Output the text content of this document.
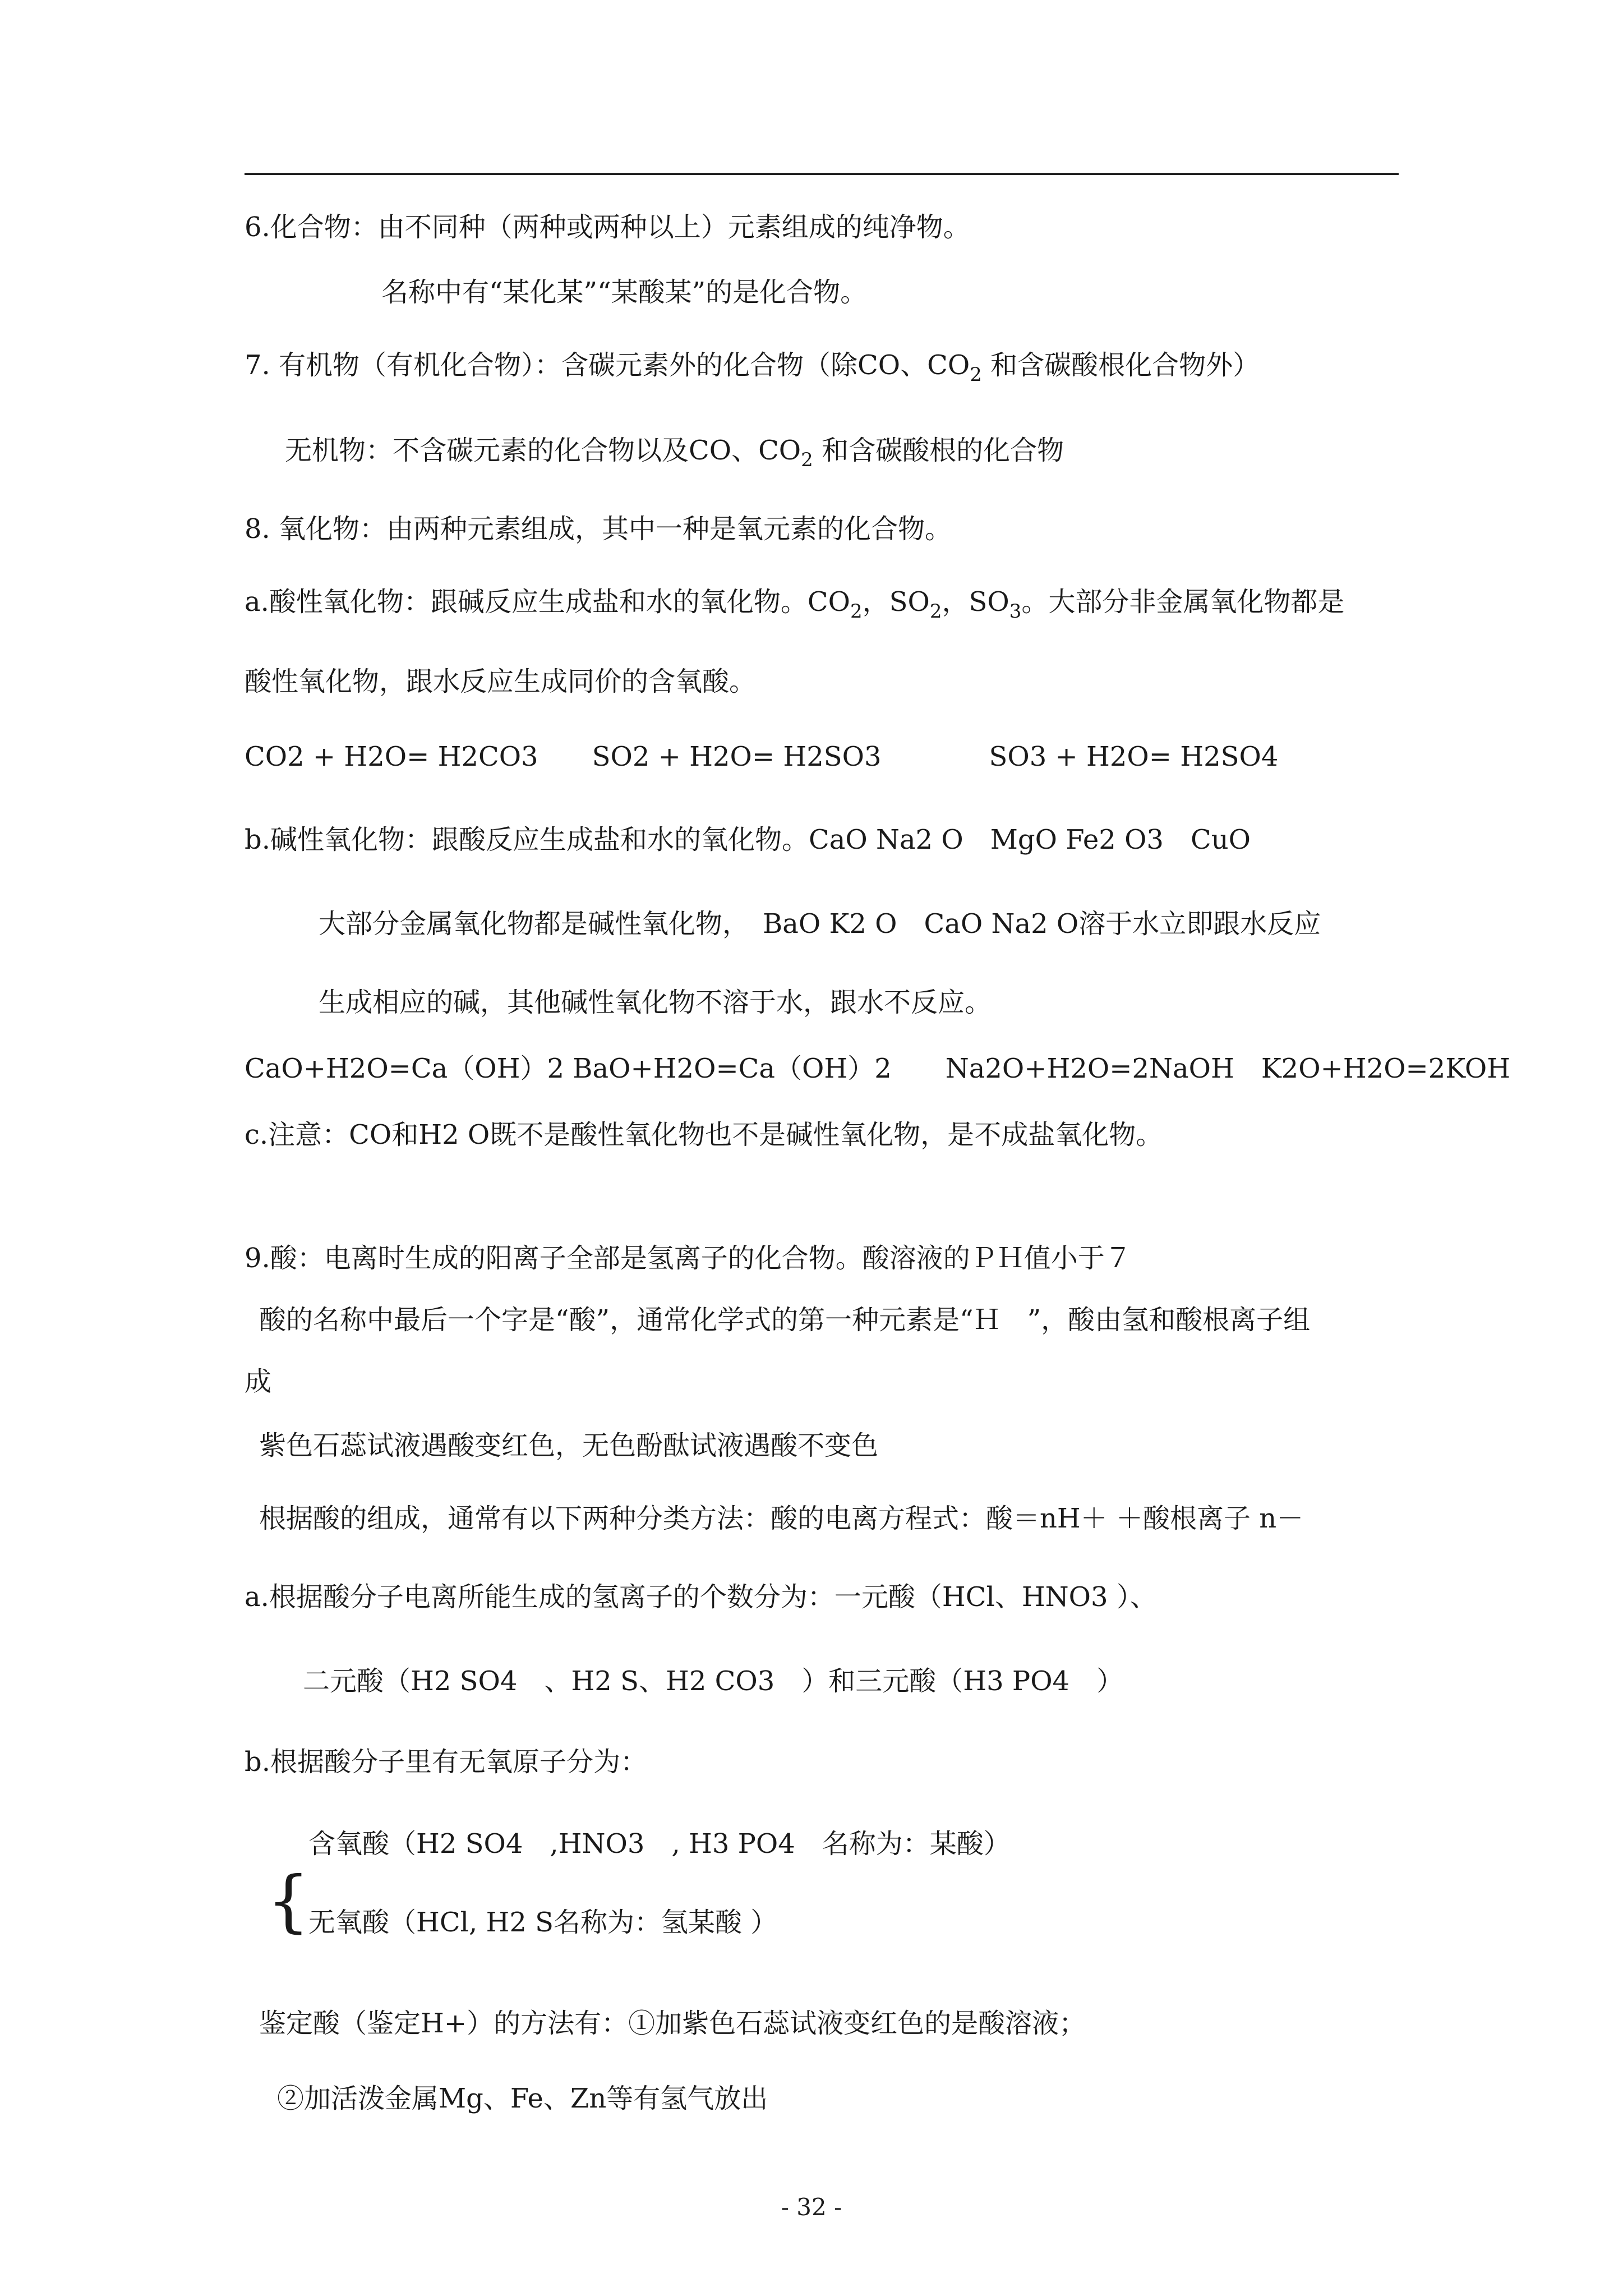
6.化合物：由不同种（两种或两种以上）元素组成的纯净物。
名称中有“某化某”“某酸某”的是化合物。
7. 有机物（有机化合物）：含碳元素外的化合物（除CO、$CO_2$ 和含碳酸根化合物外）
无机物：不含碳元素的化合物以及CO、$CO_2$ 和含碳酸根的化合物
8. 氧化物：由两种元素组成，其中一种是氧元素的化合物。
a.酸性氧化物：跟碱反应生成盐和水的氧化物。$CO_2$，$SO_2$，$SO_3$。大部分非金属氧化物都是
酸性氧化物，跟水反应生成同价的含氧酸。
CO2 + H2O= H2CO3　　SO2 + H2O= H2SO3　　　　SO3 + H2O= H2SO4
b.碱性氧化物：跟酸反应生成盐和水的氧化物。CaO Na2 O　MgO Fe2 O3　CuO
大部分金属氧化物都是碱性氧化物，　BaO K2 O　CaO Na2 O溶于水立即跟水反应
生成相应的碱，其他碱性氧化物不溶于水，跟水不反应。
CaO+H2O=Ca（OH）2 BaO+H2O=Ca（OH）2　　Na2O+H2O=2NaOH　K2O+H2O=2KOH
c.注意：CO和H2 O既不是酸性氧化物也不是碱性氧化物，是不成盐氧化物。
9.酸：电离时生成的阳离子全部是氢离子的化合物。酸溶液的ＰＨ值小于７
酸的名称中最后一个字是“酸”，通常化学式的第一种元素是“Ｈ　”，酸由氢和酸根离子组
成
紫色石蕊试液遇酸变红色，无色酚酞试液遇酸不变色
根据酸的组成，通常有以下两种分类方法：酸的电离方程式：酸＝nH＋ ＋酸根离子 n－
a.根据酸分子电离所能生成的氢离子的个数分为：一元酸（HCl、HNO3 ）、
二元酸（H2 SO4　、H2 S、H2 CO3　）和三元酸（H3 PO4　）
b.根据酸分子里有无氧原子分为：
{
含氧酸（H2 SO4　,HNO3　, H3 PO4　名称为：某酸）
无氧酸（HCl, H2 S名称为：氢某酸 ）
鉴定酸（鉴定H+）的方法有：①加紫色石蕊试液变红色的是酸溶液；
②加活泼金属Mg、Fe、Zn等有氢气放出
- 32 -
